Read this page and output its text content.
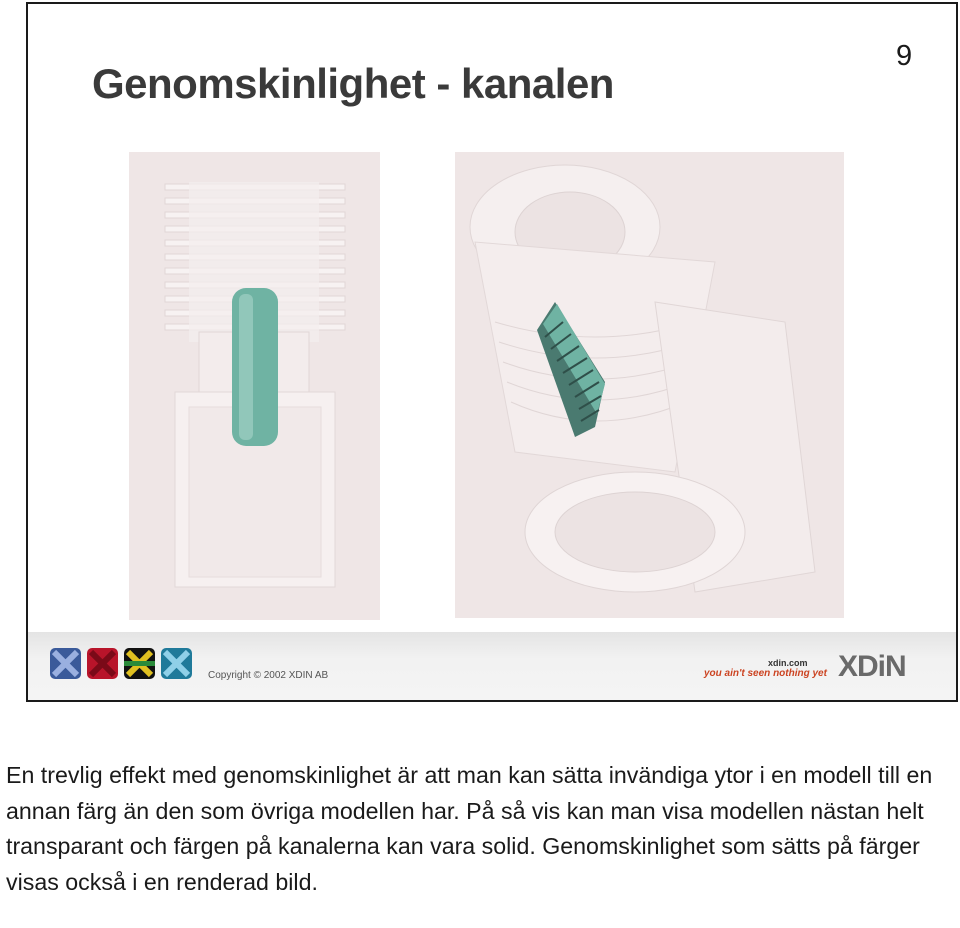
9
Genomskinlighet - kanalen
Copyright © 2002 XDIN AB
xdin.com
you ain't seen nothing yet XDiN

En trevlig effekt med genomskinlighet är att man kan sätta invändiga ytor i en modell till en annan färg än den som övriga modellen har. På så vis kan man visa modellen nästan helt transparant och färgen på kanalerna kan vara solid. Genomskinlighet som sätts på färger visas också i en renderad bild.
